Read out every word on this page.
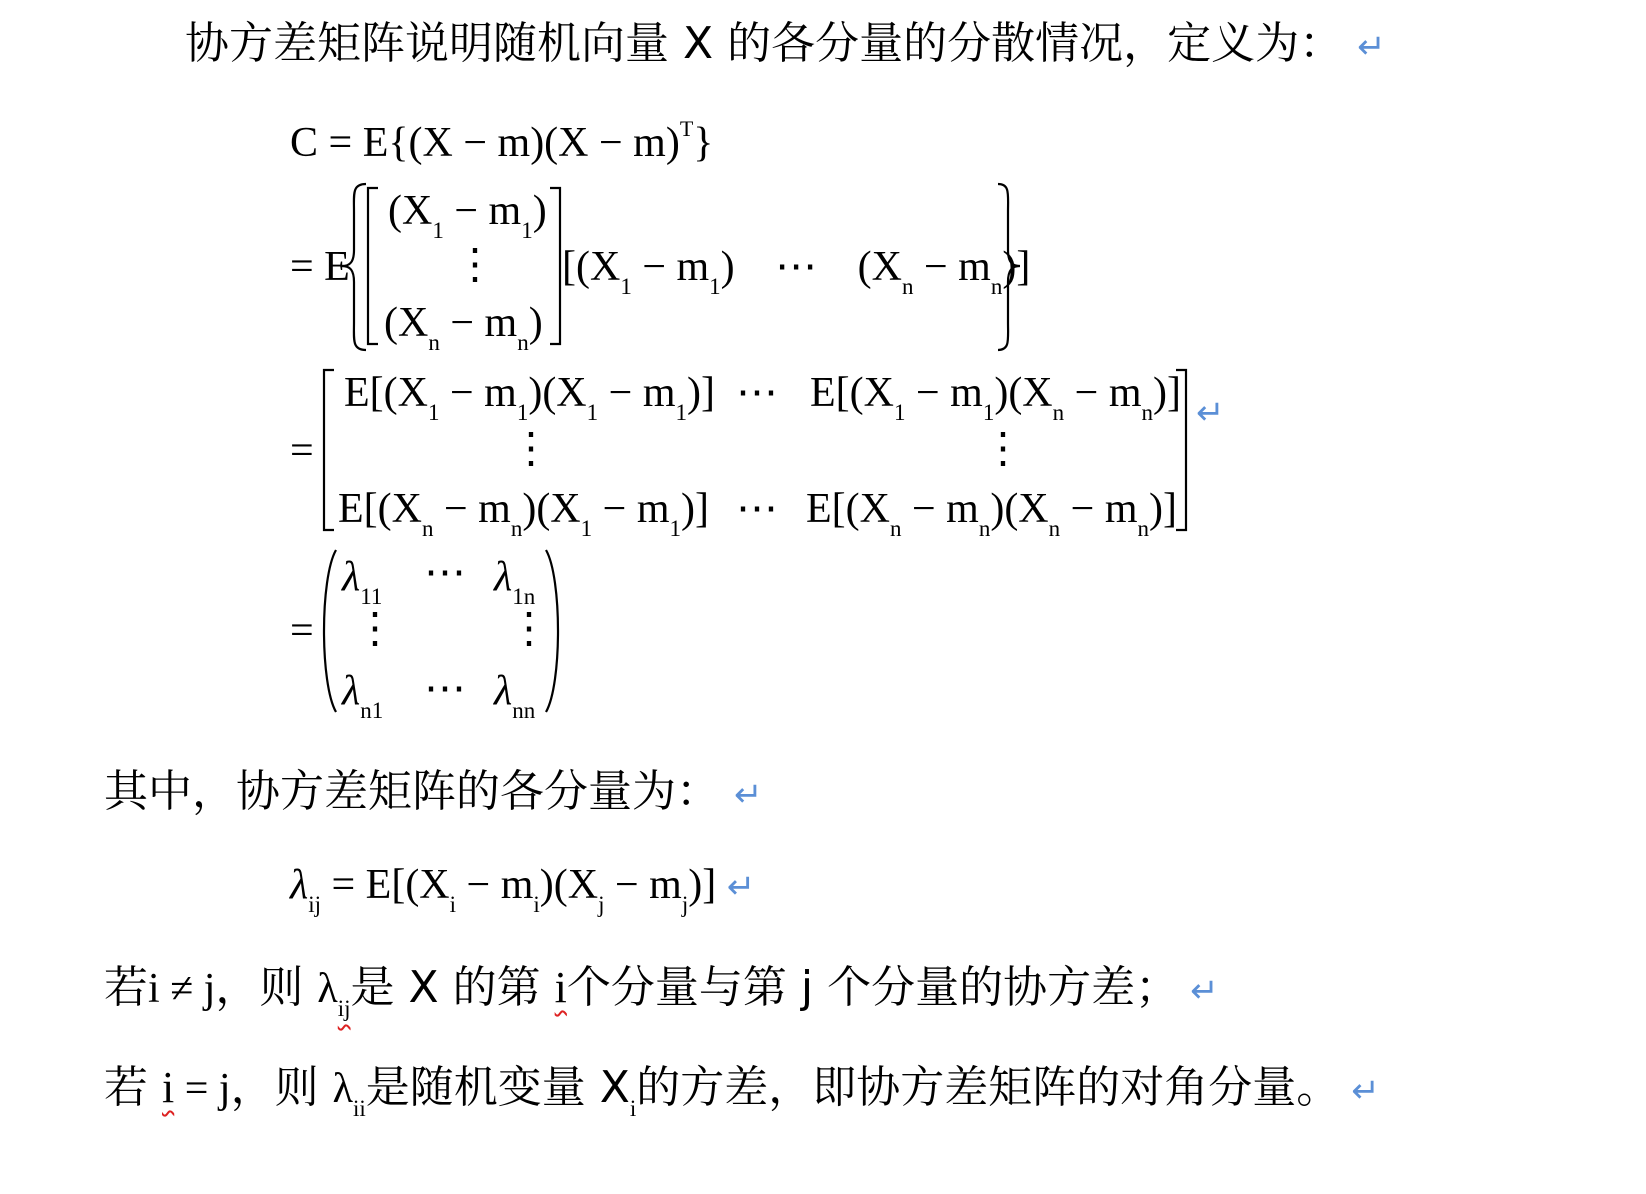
协方差矩阵说明随机向量 X 的各分量的分散情况，定义为： ↵
$C = E\{(X - m)(X - m)^T\}$
= E
$(X_1 - m_1)$
⋮
$(X_n - m_n)$
[$(X_1 - m_1)$ ⋯ $(X_n - m_n)$]
=
$E[(X_1 - m_1)(X_1 - m_1)]$ ⋯ $E[(X_1 - m_1)(X_n - m_n)]$ ↵
⋮	⋮
$E[(X_n - m_n)(X_1 - m_1)]$ ⋯ $E[(X_n - m_n)(X_n - m_n)]$
=
$\lambda_{11}$
⋯ $\lambda_{1n}$
⋮	⋮
$\lambda_{n1}$ ⋯ $\lambda_{nn}$
其中，协方差矩阵的各分量为： ↵
$\lambda_{ij} = E[(X_i - m_i)(X_j - m_j)]$ ↵
若i ≠ j，则 $\lambda_{ij}$是 X 的第 i个分量与第 j 个分量的协方差； ↵
若 i = j，则 $\lambda_{ii}$是随机变量 $X_i$的方差，即协方差矩阵的对角分量。 ↵
